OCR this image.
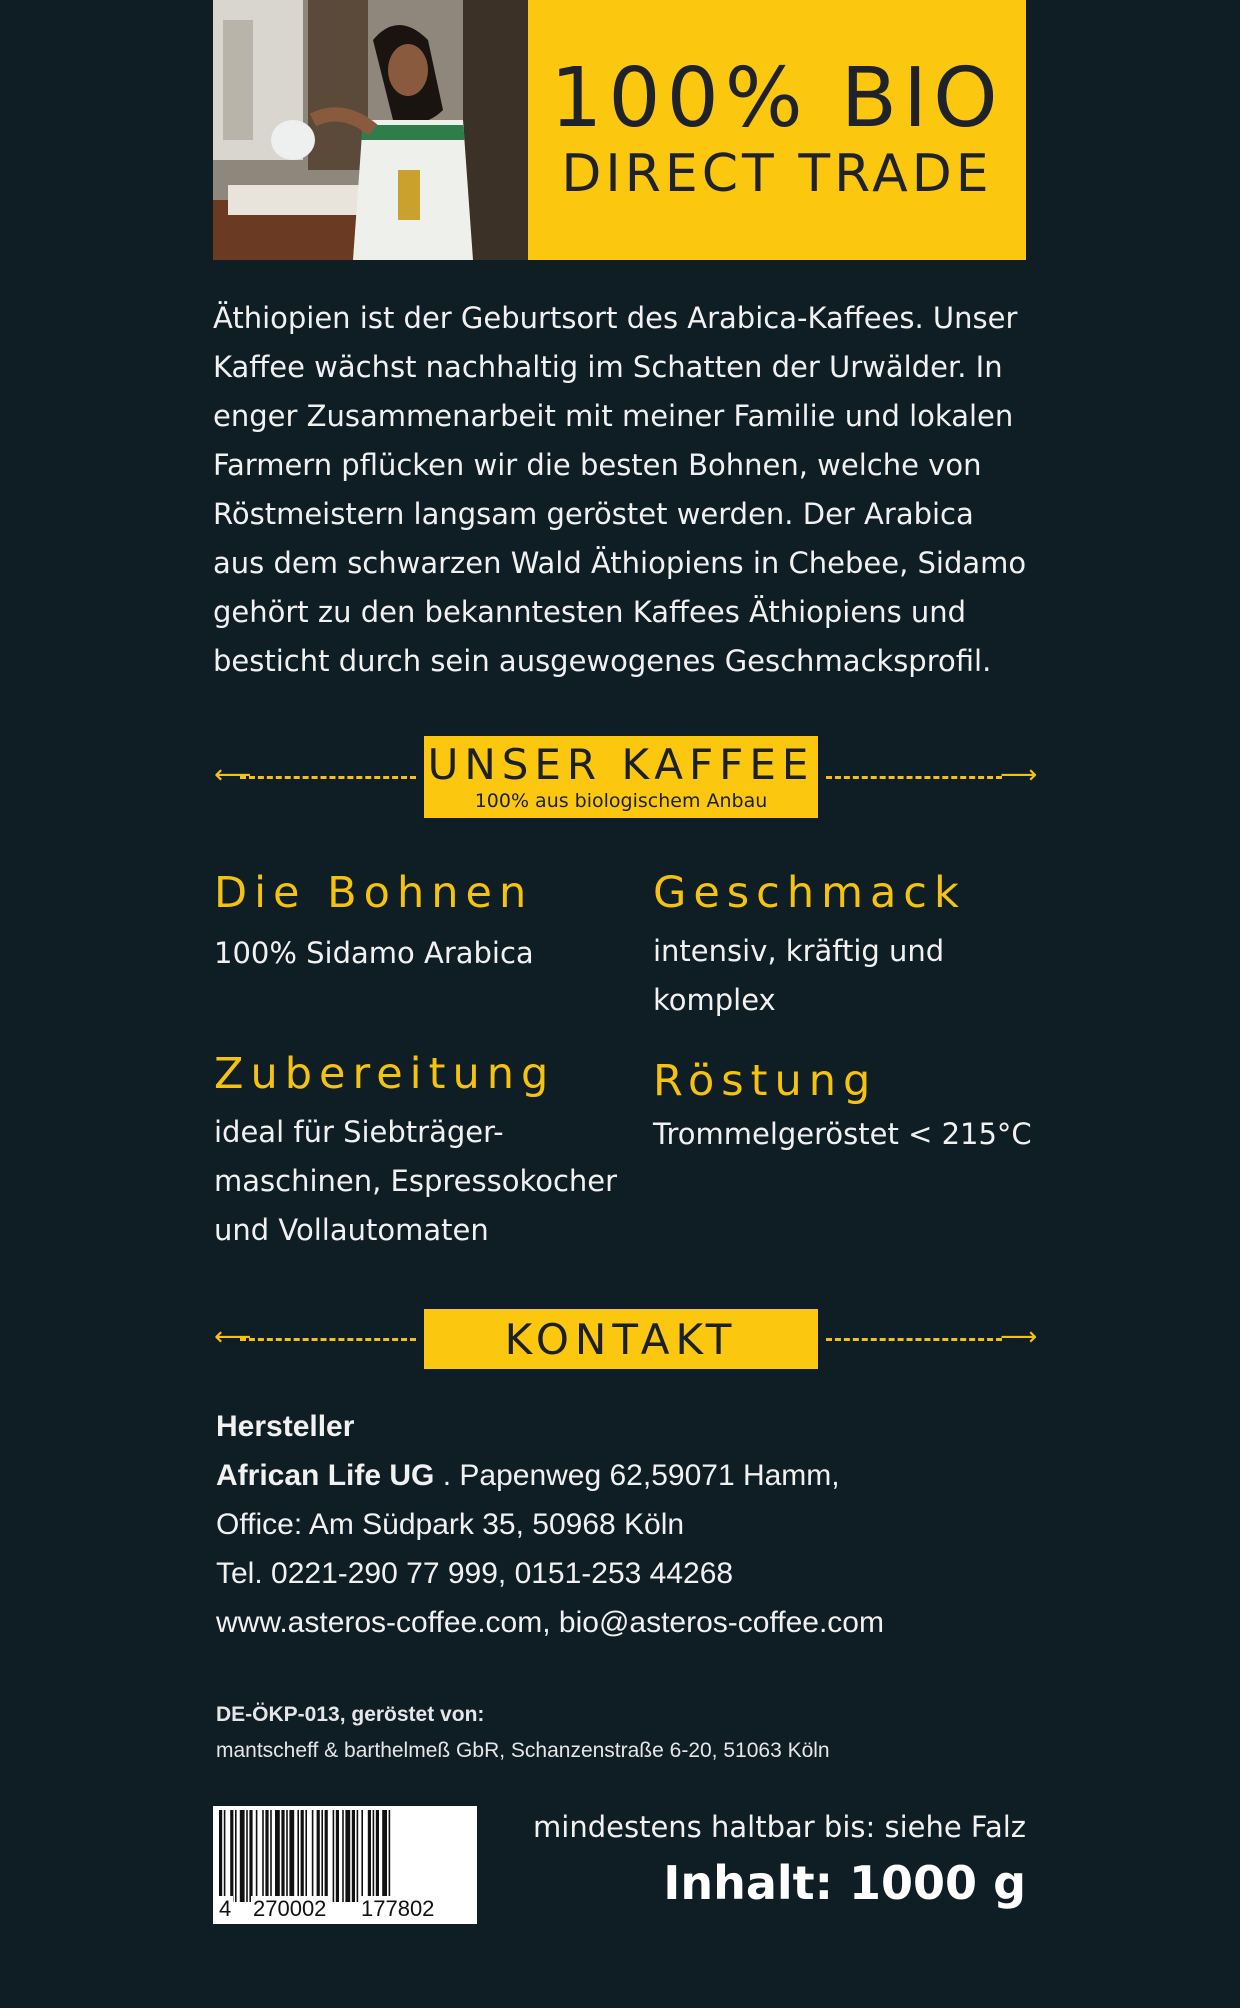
100% BIO
DIRECT TRADE

Äthiopien ist der Geburtsort des Arabica-Kaffees. Unser Kaffee wächst nachhaltig im Schatten der Urwälder. In enger Zusammenarbeit mit meiner Familie und lokalen Farmern pflücken wir die besten Bohnen, welche von Röstmeistern langsam geröstet werden. Der Arabica aus dem schwarzen Wald Äthiopiens in Chebee, Sidamo gehört zu den bekanntesten Kaffees Äthiopiens und besticht durch sein ausgewogenes Geschmacksprofil.

⟵	UNSER KAFFEE
100% aus biologischem Anbau
⟶
Die Bohnen
100% Sidamo Arabica
Geschmack
intensiv, kräftig und komplex
Zubereitung
ideal für Siebträger-maschinen, Espressokocher und Vollautomaten
Röstung
Trommelgeröstet < 215°C
⟵	KONTAKT	⟶
Hersteller
African Life UG . Papenweg 62,59071 Hamm,
Office: Am Südpark 35, 50968 Köln
Tel. 0221-290 77 999, 0151-253 44268
www.asteros-coffee.com, bio@asteros-coffee.com
DE-ÖKP-013, geröstet von:
mantscheff & barthelmeß GbR, Schanzenstraße 6-20, 51063 Köln
4 270002 177802
mindestens haltbar bis: siehe Falz
Inhalt: 1000 g
